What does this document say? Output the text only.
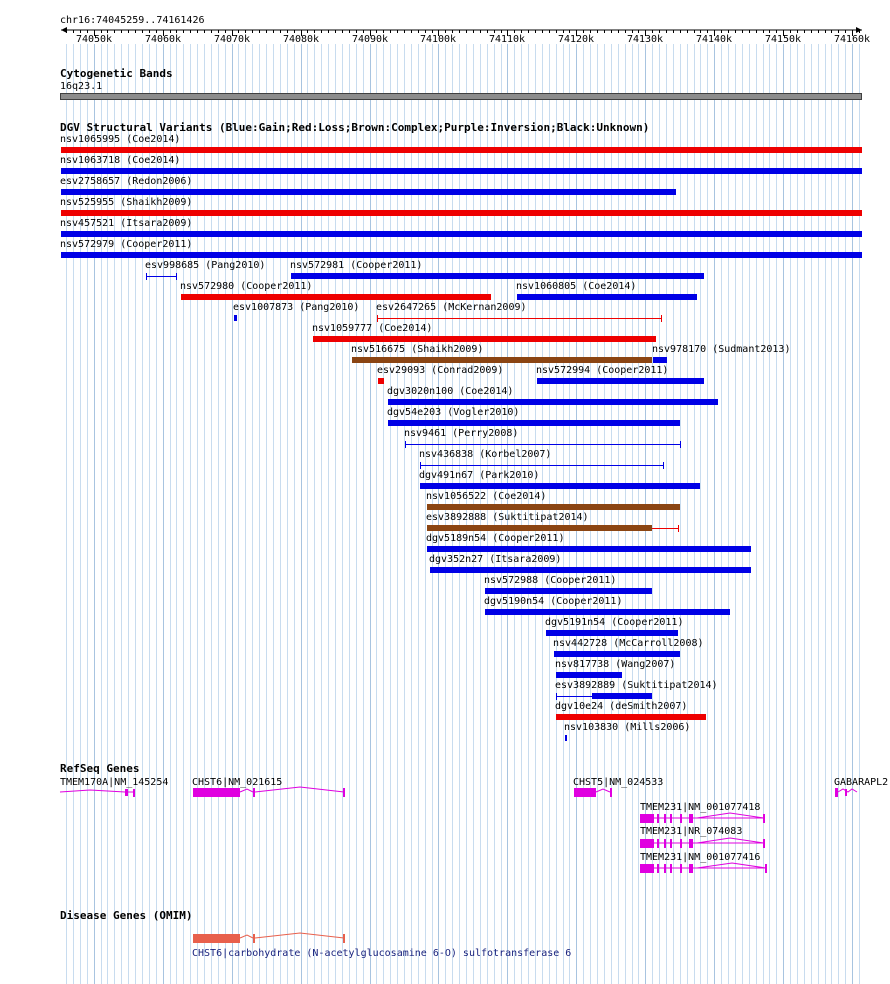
chr16:74045259..74161426
74050k	74060k	74070k	74080k	74090k	74100k	74110k	74120k	74130k	74140k	74150k	74160k
Cytogenetic Bands
16q23.1
DGV Structural Variants (Blue:Gain;Red:Loss;Brown:Complex;Purple:Inversion;Black:Unknown)
nsv1065995 (Coe2014)
nsv1063718 (Coe2014)
esv2758657 (Redon2006)
nsv525955 (Shaikh2009)
nsv457521 (Itsara2009)
nsv572979 (Cooper2011)
esv998685 (Pang2010) nsv572981 (Cooper2011)
nsv572980 (Cooper2011)	nsv1060805 (Coe2014)
esv1007873 (Pang2010) esv2647265 (McKernan2009)
nsv1059777 (Coe2014)
nsv516675 (Shaikh2009)	nsv978170 (Sudmant2013)
esv29093 (Conrad2009)	nsv572994 (Cooper2011)
dgv3020n100 (Coe2014)
dgv54e203 (Vogler2010)
nsv9461 (Perry2008)
nsv436838 (Korbel2007)
dgv491n67 (Park2010)
nsv1056522 (Coe2014)
esv3892888 (Suktitipat2014)
dgv5189n54 (Cooper2011)
dgv352n27 (Itsara2009)
nsv572988 (Cooper2011)
dgv5190n54 (Cooper2011)
dgv5191n54 (Cooper2011)
nsv442728 (McCarroll2008)
nsv817738 (Wang2007)
esv3892889 (Suktitipat2014)
dgv10e24 (deSmith2007)
nsv103830 (Mills2006)
RefSeq Genes
TMEM170A|NM_145254 CHST6|NM_021615	CHST5|NM_024533	GABARAPL2
TMEM231|NM_001077418
TMEM231|NR_074083
TMEM231|NM_001077416
Disease Genes (OMIM)
CHST6|carbohydrate (N-acetylglucosamine 6-O) sulfotransferase 6
